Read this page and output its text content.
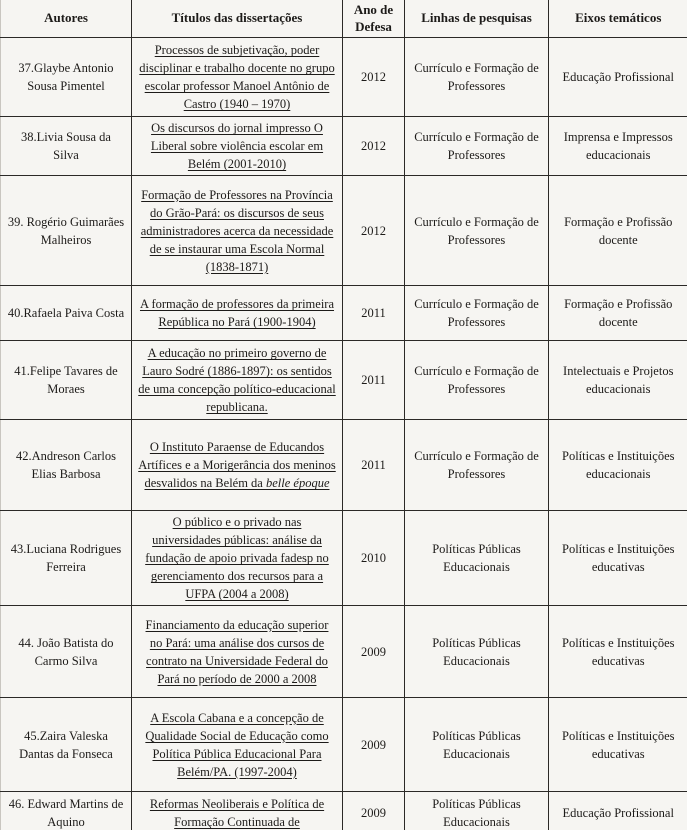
Autores	Títulos das dissertações	Ano de Defesa	Linhas de pesquisas	Eixos temáticos
37.Glaybe Antonio Sousa Pimentel	Processos de subjetivação, poder disciplinar e trabalho docente no grupo escolar professor Manoel Antônio de Castro (1940 – 1970)	2012	Currículo e Formação de Professores	Educação Profissional
38.Livia Sousa da Silva	Os discursos do jornal impresso O Liberal sobre violência escolar em Belém (2001-2010)	2012	Currículo e Formação de Professores	Imprensa e Impressos educacionais
39. Rogério Guimarães Malheiros	Formação de Professores na Província do Grão-Pará: os discursos de seus administradores acerca da necessidade de se instaurar uma Escola Normal (1838-1871)	2012	Currículo e Formação de Professores	Formação e Profissão docente
40.Rafaela Paiva Costa	A formação de professores da primeira República no Pará (1900-1904)	2011	Currículo e Formação de Professores	Formação e Profissão docente
41.Felipe Tavares de Moraes	A educação no primeiro governo de Lauro Sodré (1886-1897): os sentidos de uma concepção político-educacional republicana.	2011	Currículo e Formação de Professores	Intelectuais e Projetos educacionais
42.Andreson Carlos Elias Barbosa	O Instituto Paraense de Educandos Artífices e a Morigerância dos meninos desvalidos na Belém da belle époque	2011	Currículo e Formação de Professores	Políticas e Instituições educacionais
43.Luciana Rodrigues Ferreira	O público e o privado nas universidades públicas: análise da fundação de apoio privada fadesp no gerenciamento dos recursos para a UFPA (2004 a 2008)	2010	Políticas Públicas Educacionais	Políticas e Instituições educativas
44. João Batista do Carmo Silva	Financiamento da educação superior no Pará: uma análise dos cursos de contrato na Universidade Federal do Pará no período de 2000 a 2008	2009	Políticas Públicas Educacionais	Políticas e Instituições educativas
45.Zaira Valeska Dantas da Fonseca	A Escola Cabana e a concepção de Qualidade Social de Educação como Política Pública Educacional Para Belém/PA. (1997-2004)	2009	Políticas Públicas Educacionais	Políticas e Instituições educativas
46. Edward Martins de Aquino	Reformas Neoliberais e Política de Formação Continuada de	2009	Políticas Públicas Educacionais	Educação Profissional
